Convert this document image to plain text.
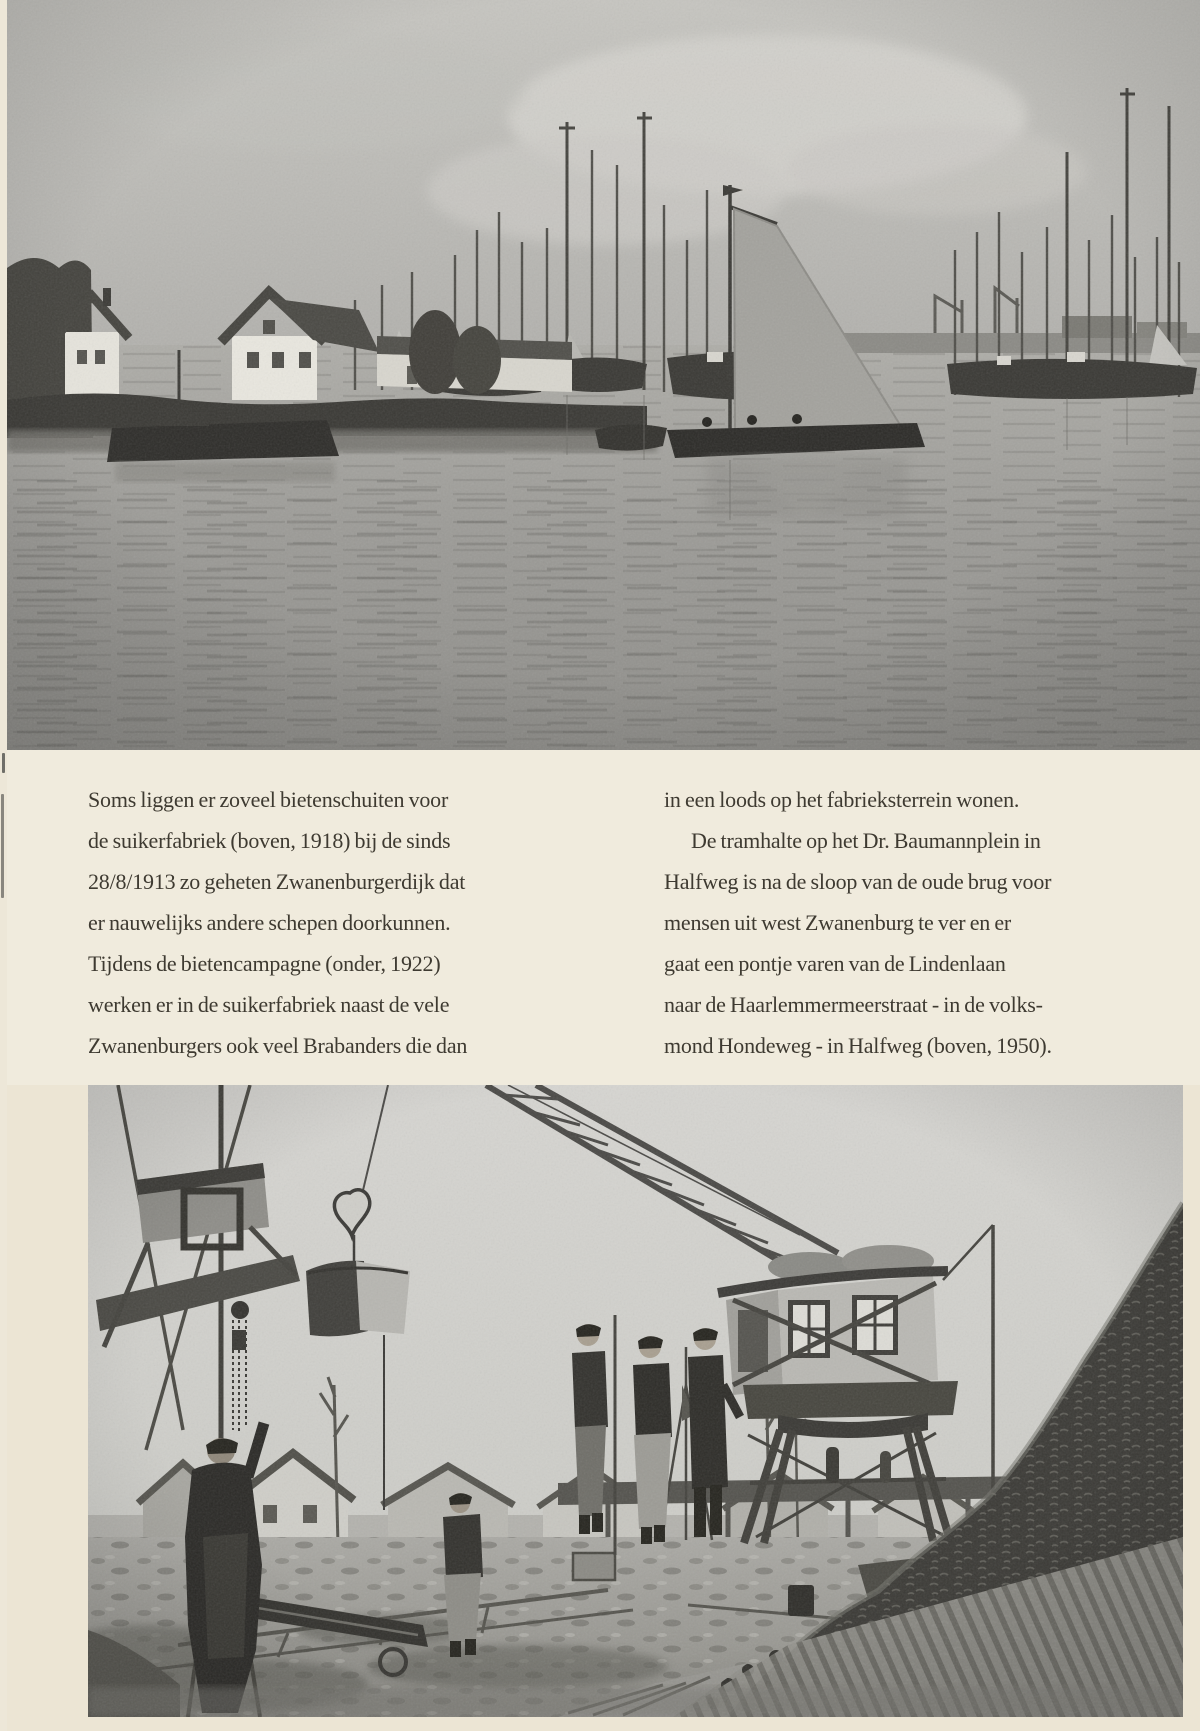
Soms liggen er zoveel bietenschuiten voor
de suikerfabriek (boven, 1918) bij de sinds
28/8/1913 zo geheten Zwanenburgerdijk dat
er nauwelijks andere schepen doorkunnen.
Tijdens de bietencampagne (onder, 1922)
werken er in de suikerfabriek naast de vele
Zwanenburgers ook veel Brabanders die dan
in een loods op het fabrieksterrein wonen.
De tramhalte op het Dr. Baumannplein in
Halfweg is na de sloop van de oude brug voor
mensen uit west Zwanenburg te ver en er
gaat een pontje varen van de Lindenlaan
naar de Haarlemmermeerstraat - in de volks-
mond Hondeweg - in Halfweg (boven, 1950).
